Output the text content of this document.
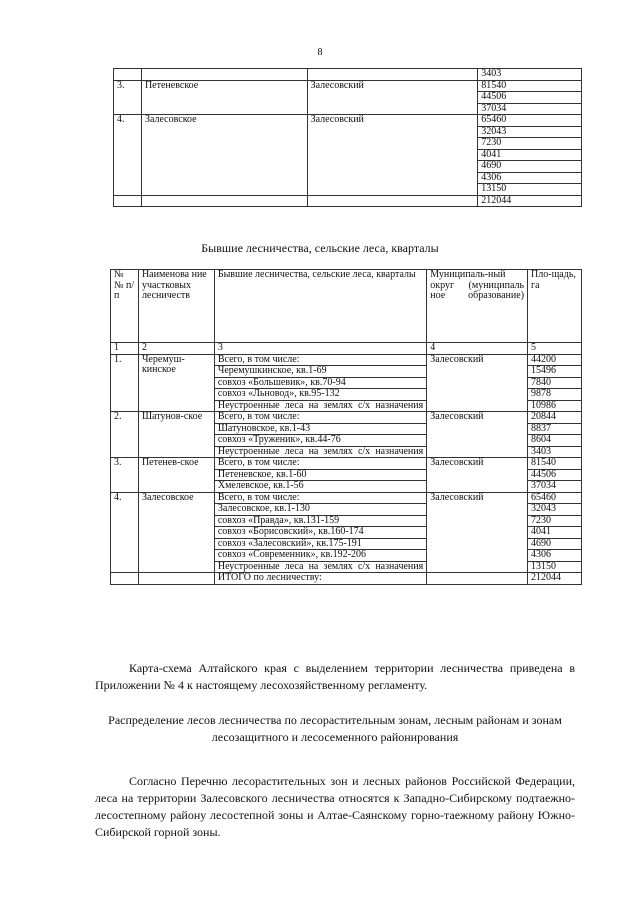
8
			3403
3.	Петеневское	Залесовский	81540
			44506
			37034
4.	Залесовское	Залесовский	65460
			32043
			7230
			4041
			4690
			4306
			13150
			212044
Бывшие лесничества, сельские леса, кварталы
№ № п/п	Наименова ние участковых лесничеств	Бывшие лесничества, сельские леса, кварталы	Муниципаль-ный округ (муниципаль ное образование)	Пло-щадь, га
1	2	3	4	5
1.	Черемуш-кинское	Всего, в том числе:	Залесовский	44200
		Черемушкинское, кв.1-69		15496
		совхоз «Большевик», кв.70-94		7840
		совхоз «Льновод», кв.95-132		9878
		Неустроенные леса на землях с/х назначения		10986
2.	Шатунов-ское	Всего, в том числе:	Залесовский	20844
		Шатуновское, кв.1-43		8837
		совхоз «Труженик», кв.44-76		8604
		Неустроенные леса на землях с/х назначения		3403
3.	Петенев-ское	Всего, в том числе:	Залесовский	81540
		Петеневское, кв.1-60		44506
		Хмелевское, кв.1-56		37034
4.	Залесовское	Всего, в том числе:	Залесовский	65460
		Залесовское, кв.1-130		32043
		совхоз «Правда», кв.131-159		7230
		совхоз «Борисовский», кв.160-174		4041
		совхоз «Залесовский», кв.175-191		4690
		совхоз «Современник», кв.192-206		4306
		Неустроенные леса на землях с/х назначения		13150
		ИТОГО по лесничеству:		212044
Карта-схема Алтайского края с выделением территории лесничества приведена в Приложении № 4 к настоящему лесохозяйственному регламенту.
Распределение лесов лесничества по лесорастительным зонам, лесным районам и зонам лесозащитного и лесосеменного районирования
Согласно Перечню лесорастительных зон и лесных районов Российской Федерации, леса на территории Залесовского лесничества относятся к Западно-Сибирскому подтаежно-лесостепному району лесостепной зоны и Алтае-Саянскому горно-таежному району Южно-Сибирской горной зоны.
